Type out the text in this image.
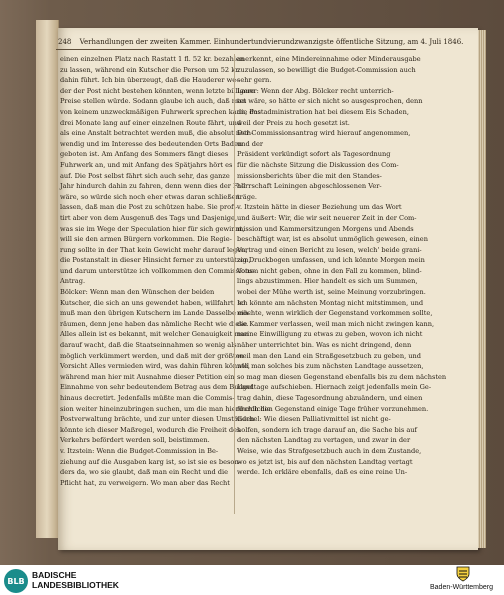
248 Verhandlungen der zweiten Kammer. Einhundertundvierundzwanzigste öffentliche Sitzung, am 4. Juli 1846.

einen einzelnen Platz nach Rastatt 1 fl. 52 kr. bezahlen

zu lassen, während ein Kutscher die Person um 52 kr.

dahin führt. Ich bin überzeugt, daß die Hauderer we-

der der Post nicht bestehen könnten, wenn letzte billigere

Preise stellen würde. Sodann glaube ich auch, daß man

von keinem unzweckmäßigen Fuhrwerk sprechen kann, das

drei Monate lang auf einer einzelnen Route fährt, und

als eine Anstalt betrachtet werden muß, die absolut noth-

wendig und im Interesse des bedeutenden Orts Baden

geboten ist. Am Anfang des Sommers fängt dieses

Fuhrwerk an, und mit Anfang des Spätjahrs hört es

auf. Die Post selbst fährt sich auch sehr, das ganze

Jahr hindurch dahin zu fahren, denn wenn dies der Fall

wäre, so würde sich noch eher etwas daran schließen

lassen, daß man die Post zu schützen habe. Sie profi-

tirt aber von dem Ausgenuß des Tags und Dasjenige,

was sie im Wege der Speculation hier für sich gewinnt,

will sie den armen Bürgern vorkommen. Die Regie-

rung sollte in der That kein Gewicht mehr darauf legen,

die Postanstalt in dieser Hinsicht ferner zu unterstützen,

und darum unterstütze ich vollkommen den Commissions-

Antrag.

Bölcker: Wenn man den Wünschen der beiden

Kutscher, die sich an uns gewendet haben, willfahrt, so

muß man den übrigen Kutschern im Lande Dasselbe ein-

räumen, denn jene haben das nämliche Recht wie diese.

Alles allein ist es bekannt, mit welcher Genauigkeit man

darauf wacht, daß die Staatseinnahmen so wenig als

möglich verkümmert werden, und daß mit der größten

Vorsicht Alles vermieden wird, was dahin führen könnte,

während man hier mit Ausnahme dieser Petition ein

Einnahme von sehr bedeutendem Betrag aus dem Budget

hinaus decretirt. Jedenfalls müßte man die Commis-

sion weiter hineinzubringen suchen, um die man hierdurch die

Postverwaltung brächte, und zur unter diesen Umständen

könnte ich dieser Maßregel, wodurch die Freiheit des

Verkehrs befördert werden soll, beistimmen.

v. Itzstein: Wenn die Budget-Commission in Be-

ziehung auf die Ausgaben karg ist, so ist sie es beson-

ders da, wo sie glaubt, daß man ein Recht und die

Pflicht hat, zu verweigern. Wo man aber das Recht

anerkennt, eine Mindereinnahme oder Minderausgabe

zuzulassen, so bewilligt die Budget-Commission auch

sehr gern.

Lauer: Wenn der Abg. Bölcker recht unterrich-

tet wäre, so hätte er sich nicht so ausgesprochen, denn

die Postadministration hat bei diesem Eis Schaden,

weil der Preis zu hoch gesetzt ist.

Der Commissionsantrag wird hierauf angenommen,

und der

Präsident verkündigt sofort als Tagesordnung

für die nächste Sitzung die Diskussion des Com-

missionsberichts über die mit den Standes-

herrschaft Leiningen abgeschlossenen Ver-

träge.

v. Itzstein hätte in dieser Beziehung um das Wort

und äußert: Wir, die wir seit neuerer Zeit in der Com-

mission und Kammersitzungen Morgens und Abends

beschäftigt war, ist es absolut unmöglich gewesen, einen

Vertrag und einen Bericht zu lesen, welch' beide grani-

zig Druckbogen umfassen, und ich könnte Morgen mein

Votum nicht geben, ohne in den Fall zu kommen, blind-

lings abzustimmen. Hier handelt es sich um Summen,

wobei der Mühe werth ist, seine Meinung vorzubringen.

Ich könnte am nächsten Montag nicht mitstimmen, und

möchte, wenn wirklich der Gegenstand vorkommen sollte,

die Kammer verlassen, weil man mich nicht zwingen kann,

meine Einwilligung zu etwas zu geben, wovon ich nicht

näher unterrichtet bin. Was es nicht dringend, denn

weil man den Land ein Straßgesetzbuch zu geben, und

will man solches bis zum nächsten Landtage aussetzen,

so mag man diesen Gegenstand ebenfalls bis zu dem nächsten

Landtage aufschieben. Hiernach zeigt jedenfalls mein Ge-

trag dahin, diese Tagesordnung abzuändern, und einen

firchlichen Gegenstand einige Tage früher vorzunehmen.

Gerbel: Wie diesen Palliativmittel ist nicht ge-

holfen, sondern ich trage darauf an, die Sache bis auf

den nächsten Landtag zu vertagen, und zwar in der

Weise, wie das Strafgesetzbuch auch in dem Zustande,

wo es jetzt ist, bis auf den nächsten Landtag vertagt

werde. Ich erkläre ebenfalls, daß es eine reine Un-

BLB
BADISCHE
LANDESBIBLIOTHEK	Baden-Württemberg
